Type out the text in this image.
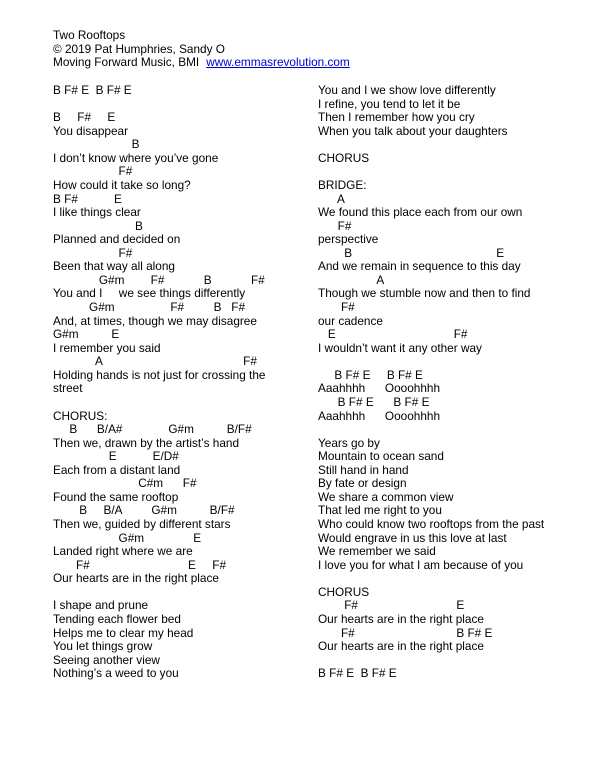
Two Rooftops
© 2019 Pat Humphries, Sandy O
Moving Forward Music, BMI www.emmasrevolution.com
B F# E  B F# E
B     F#     E
You disappear
B
I don’t know where you’ve gone
F#
How could it take so long?
B F#           E
I like things clear
B
Planned and decided on
F#
Been that way all along
G#m        F#            B            F#
You and I     we see things differently
G#m                 F#         B   F#
And, at times, though we may disagree
G#m          E
I remember you said
A                                           F#
Holding hands is not just for crossing the
street
CHORUS:
B      B/A#              G#m          B/F#
Then we, drawn by the artist’s hand
E           E/D#
Each from a distant land
C#m      F#
Found the same rooftop
B     B/A         G#m          B/F#
Then we, guided by different stars
G#m               E
Landed right where we are
F#                              E     F#
Our hearts are in the right place
I shape and prune
Tending each flower bed
Helps me to clear my head
You let things grow
Seeing another view
Nothing’s a weed to you
You and I we show love differently
I refine, you tend to let it be
Then I remember how you cry
When you talk about your daughters
CHORUS
BRIDGE:
A
We found this place each from our own
F#
perspective
B                                            E
And we remain in sequence to this day
A
Though we stumble now and then to find
F#
our cadence
E                                    F#
I wouldn’t want it any other way
B F# E     B F# E
Aaahhhh      Oooohhhh
B F# E      B F# E
Aaahhhh      Oooohhhh
Years go by
Mountain to ocean sand
Still hand in hand
By fate or design
We share a common view
That led me right to you
Who could know two rooftops from the past
Would engrave in us this love at last
We remember we said
I love you for what I am because of you
CHORUS
F#                              E
Our hearts are in the right place
F#                               B F# E
Our hearts are in the right place
B F# E  B F# E
